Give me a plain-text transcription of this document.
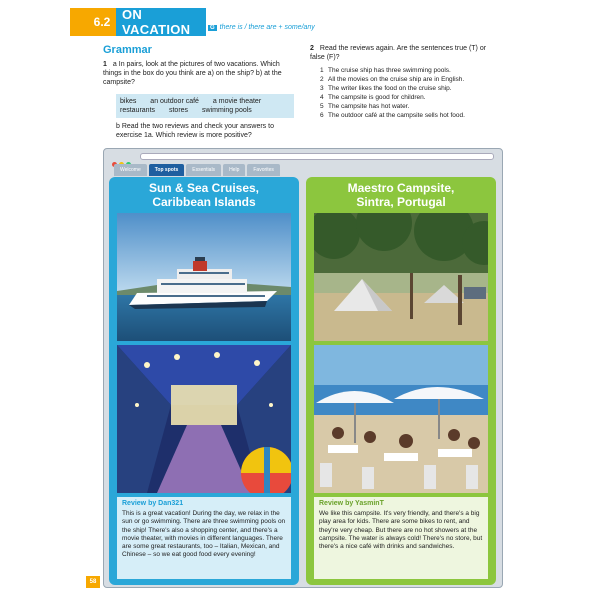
6.2 ON VACATION	G there is / there are + some/any
Grammar
1 a In pairs, look at the pictures of two vacations. Which things in the box do you think are a) on the ship? b) at the campsite?
bikes an outdoor café a movie theater
restaurants stores swimming pools
b Read the two reviews and check your answers to exercise 1a. Which review is more positive?
2 Read the reviews again. Are the sentences true (T) or false (F)?
1 The cruise ship has three swimming pools.
2 All the movies on the cruise ship are in English.
3 The writer likes the food on the cruise ship.
4 The campsite is good for children.
5 The campsite has hot water.
6 The outdoor café at the campsite sells hot food.
Welcome	Top spots	Essentials	Help	Favorites
Sun & Sea Cruises,
Caribbean Islands
Review by Dan321
This is a great vacation! During the day, we relax in the sun or go swimming. There are three swimming pools on the ship! There's also a shopping center, and there's a movie theater, with movies in different languages. There are some great restaurants, too – Italian, Mexican, and Chinese – so we eat good food every evening!
Maestro Campsite,
Sintra, Portugal
Review by YasminT
We like this campsite. It's very friendly, and there's a big play area for kids. There are some bikes to rent, and they're very cheap. But there are no hot showers at the campsite. The water is always cold! There's no store, but there's a nice café with drinks and sandwiches.
58
